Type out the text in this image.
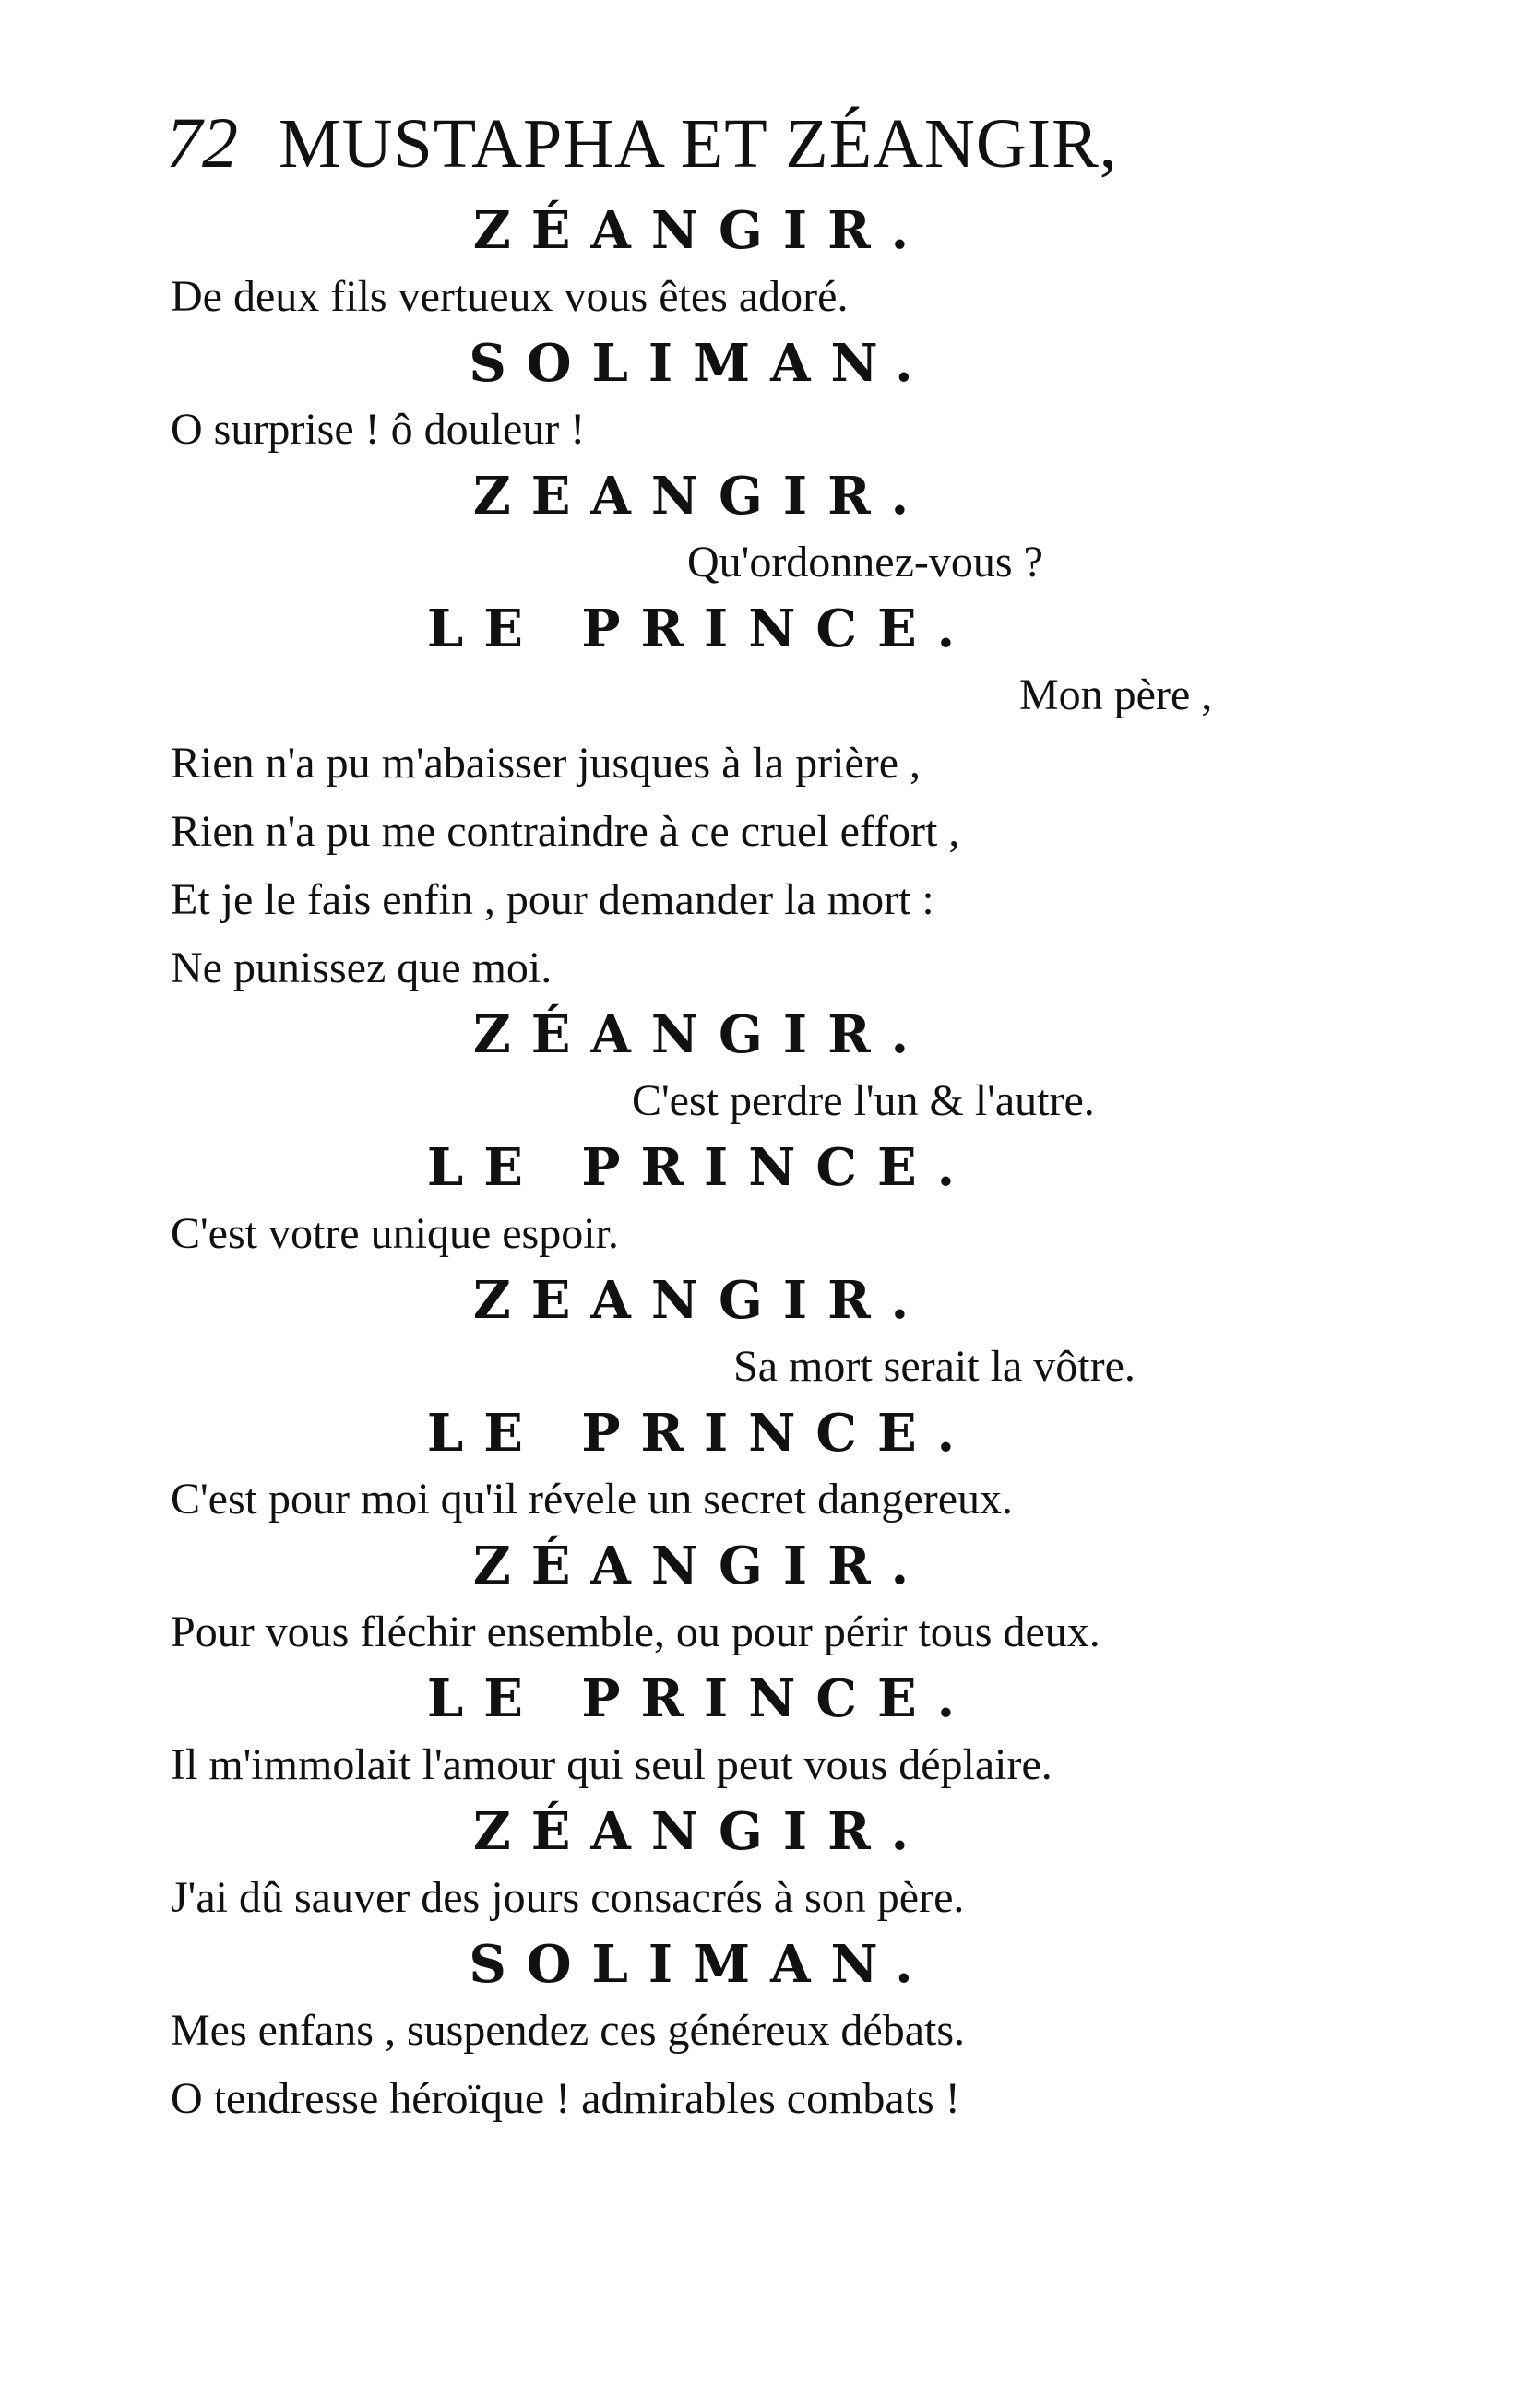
72 MUSTAPHA ET ZÉANGIR,
ZÉANGIR.
De deux fils vertueux vous êtes adoré.
SOLIMAN.
O surprise ! ô douleur !
ZEANGIR.
Qu'ordonnez-vous ?
LE PRINCE.
Mon père ,
Rien n'a pu m'abaisser jusques à la prière ,
Rien n'a pu me contraindre à ce cruel effort ,
Et je le fais enfin , pour demander la mort :
Ne punissez que moi.
ZÉANGIR.
C'est perdre l'un & l'autre.
LE PRINCE.
C'est votre unique espoir.
ZEANGIR.
Sa mort serait la vôtre.
LE PRINCE.
C'est pour moi qu'il révele un secret dangereux.
ZÉANGIR.
Pour vous fléchir ensemble, ou pour périr tous deux.
LE PRINCE.
Il m'immolait l'amour qui seul peut vous déplaire.
ZÉANGIR.
J'ai dû sauver des jours consacrés à son père.
SOLIMAN.
Mes enfans , suspendez ces généreux débats.
O tendresse héroïque ! admirables combats !
